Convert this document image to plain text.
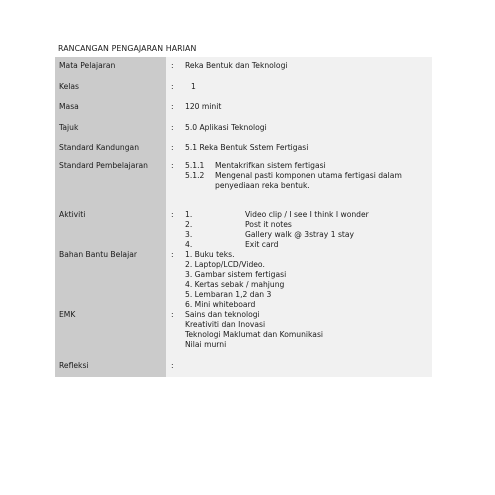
RANCANGAN PENGAJARAN HARIAN
Mata Pelajaran	: Reka Bentuk dan Teknologi
Kelas	: 1
Masa	: 120 minit
Tajuk	: 5.0 Aplikasi Teknologi
Standard Kandungan	: 5.1 Reka Bentuk Sstem Fertigasi
Standard Pembelajaran	: 5.1.1 Mentakrifkan sistem fertigasi
5.1.2 Mengenal pasti komponen utama fertigasi dalam
penyediaan reka bentuk.
Aktiviti	: 1.	Video clip / I see I think I wonder
2.	Post it notes
3.	Gallery walk @ 3stray 1 stay
4.	Exit card
Bahan Bantu Belajar	: 1. Buku teks.
2. Laptop/LCD/Video.
3. Gambar sistem fertigasi
4. Kertas sebak / mahjung
5. Lembaran 1,2 dan 3
6. Mini whiteboard
EMK	: Sains dan teknologi
Kreativiti dan Inovasi
Teknologi Maklumat dan Komunikasi
Nilai murni
Refleksi	:
